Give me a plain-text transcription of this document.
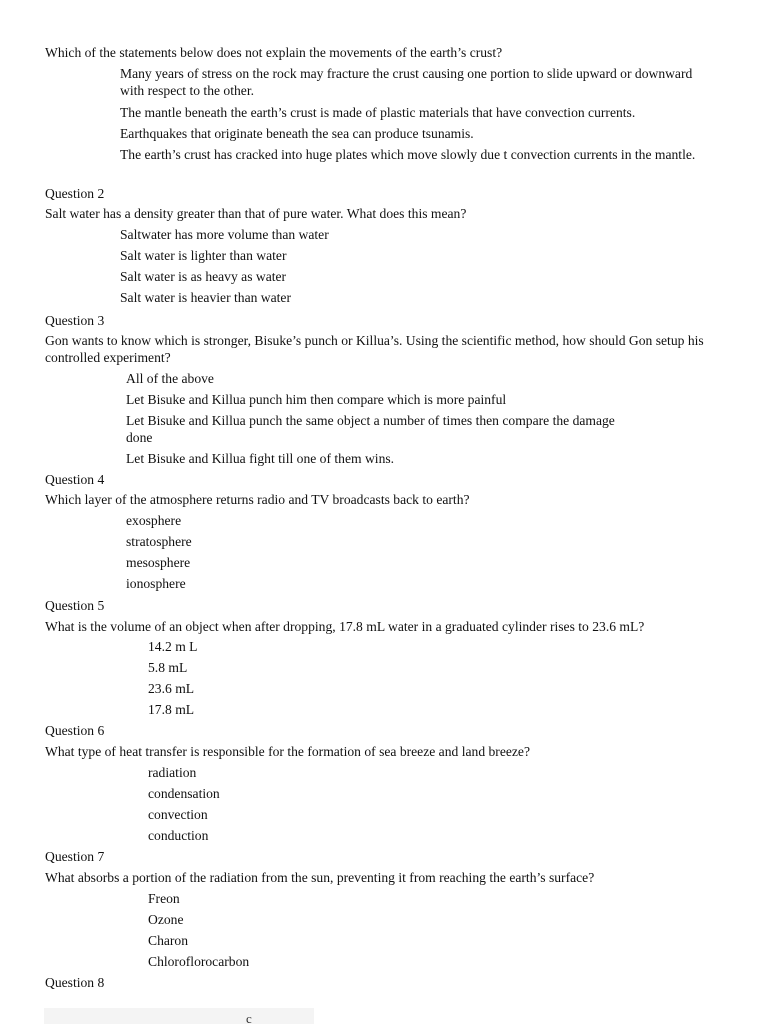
Which of the statements below does not explain the movements of the earth’s crust?
Many years of stress on the rock may fracture the crust causing one portion to slide upward or downward with respect to the other.
The mantle beneath the earth’s crust is made of plastic materials that have convection currents.
Earthquakes that originate beneath the sea can produce tsunamis.
The earth’s crust has cracked into huge plates which move slowly due t convection currents in the mantle.
Question 2
Salt water has a density greater than that of pure water. What does this mean?
Saltwater has more volume than water
Salt water is lighter than water
Salt water is as heavy as water
Salt water is heavier than water
Question 3
Gon wants to know which is stronger, Bisuke’s punch or Killua’s. Using the scientific method, how should Gon setup his controlled experiment?
All of the above
Let Bisuke and Killua punch him then compare which is more painful
Let Bisuke and Killua punch the same object a number of times then compare the damage done
Let Bisuke and Killua fight till one of them wins.
Question 4
Which layer of the atmosphere returns radio and TV broadcasts back to earth?
exosphere
stratosphere
mesosphere
ionosphere
Question 5
What is the volume of an object when after dropping, 17.8 mL water in a graduated cylinder rises to 23.6 mL?
14.2 m L
5.8 mL
23.6 mL
17.8 mL
Question 6
What type of heat transfer is responsible for the formation of sea breeze and land breeze?
radiation
condensation
convection
conduction
Question 7
What absorbs a portion of the radiation from the sun, preventing it from reaching the earth’s surface?
Freon
Ozone
Charon
Chloroflorocarbon
Question 8
c
